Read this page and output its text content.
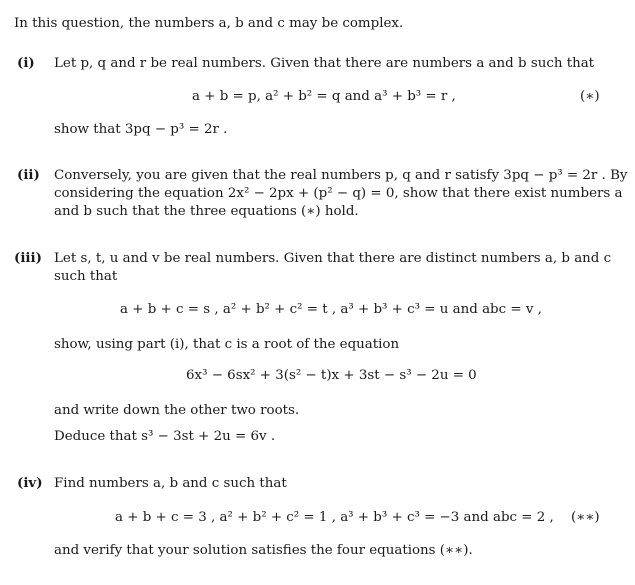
In this question, the numbers a, b and c may be complex.
(i) Let p, q and r be real numbers. Given that there are numbers a and b such that
a + b = p, a² + b² = q and a³ + b³ = r ,	(∗)
show that 3pq − p³ = 2r .
(ii) Conversely, you are given that the real numbers p, q and r satisfy 3pq − p³ = 2r . By
considering the equation 2x² − 2px + (p² − q) = 0, show that there exist numbers a
and b such that the three equations (∗) hold.
(iii) Let s, t, u and v be real numbers. Given that there are distinct numbers a, b and c
such that
a + b + c = s , a² + b² + c² = t , a³ + b³ + c³ = u and abc = v ,
show, using part (i), that c is a root of the equation
6x³ − 6sx² + 3(s² − t)x + 3st − s³ − 2u = 0
and write down the other two roots.
Deduce that s³ − 3st + 2u = 6v .
(iv) Find numbers a, b and c such that
a + b + c = 3 , a² + b² + c² = 1 , a³ + b³ + c³ = −3 and abc = 2 , (∗∗)
and verify that your solution satisfies the four equations (∗∗).
